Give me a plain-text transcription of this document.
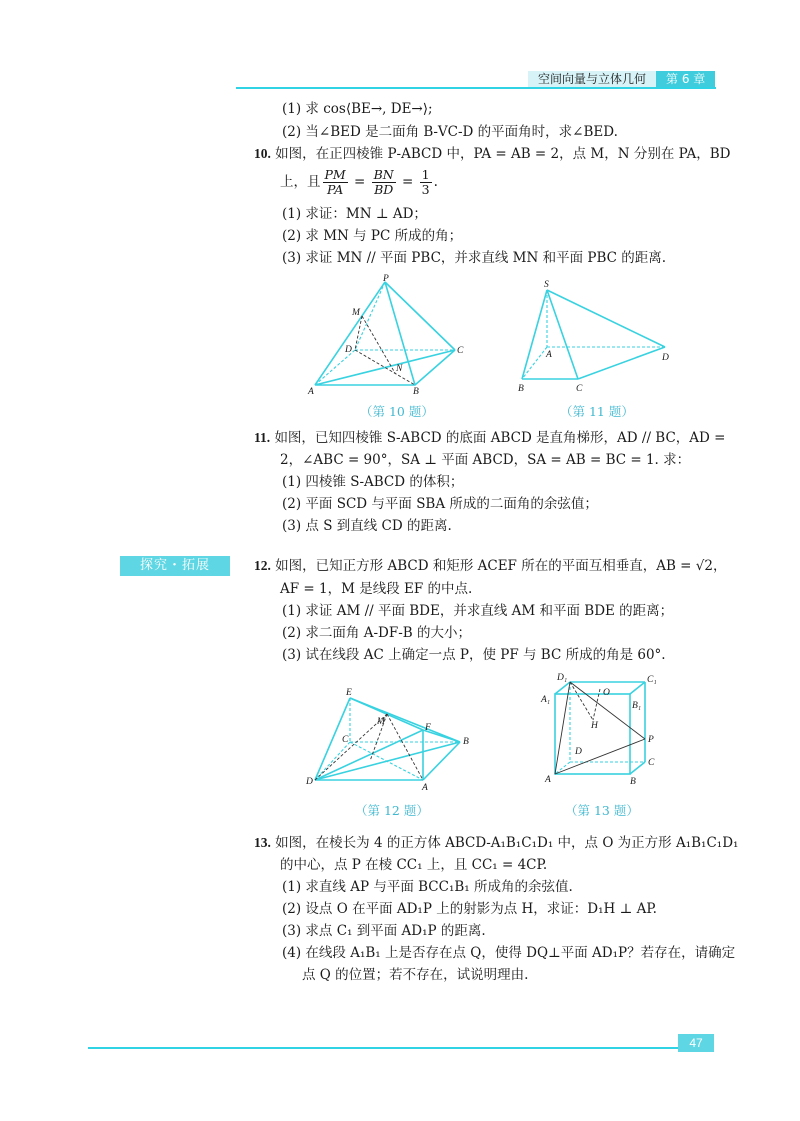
空间向量与立体几何	第 6 章
(1) 求 cos⟨BE→, DE→⟩;
(2) 当∠BED 是二面角 B‑VC‑D 的平面角时，求∠BED.
10. 如图，在正四棱锥 P‑ABCD 中，PA = AB = 2，点 M，N 分别在 PA，BD
上，且 $\frac{PM}{PA} = \frac{BN}{BD} = \frac{1}{3}$ .
(1) 求证：MN ⊥ AD；
(2) 求 MN 与 PC 所成的角；
(3) 求证 MN // 平面 PBC，并求直线 MN 和平面 PBC 的距离.
P
M
D	C
N
A	B
（第 10 题）
S
A	D
B	C
（第 11 题）
11. 如图，已知四棱锥 S‑ABCD 的底面 ABCD 是直角梯形，AD // BC，AD =
2，∠ABC = 90°，SA ⊥ 平面 ABCD，SA = AB = BC = 1. 求：
(1) 四棱锥 S‑ABCD 的体积；
(2) 平面 SCD 与平面 SBA 所成的二面角的余弦值；
(3) 点 S 到直线 CD 的距离.
探究・拓展	12. 如图，已知正方形 ABCD 和矩形 ACEF 所在的平面互相垂直，AB = √2，
AF = 1，M 是线段 EF 的中点.
(1) 求证 AM // 平面 BDE，并求直线 AM 和平面 BDE 的距离；
(2) 求二面角 A‑DF‑B 的大小；
(3) 试在线段 AC 上确定一点 P，使 PF 与 BC 所成的角是 60°.
E
M
F
C	B
D
A
（第 12 题）
D₁
O
C₁
A₁
H
B₁
D
P
C
A	B
（第 13 题）
13. 如图，在棱长为 4 的正方体 ABCD‑A₁B₁C₁D₁ 中，点 O 为正方形 A₁B₁C₁D₁
的中心，点 P 在棱 CC₁ 上，且 CC₁ = 4CP.
(1) 求直线 AP 与平面 BCC₁B₁ 所成角的余弦值.
(2) 设点 O 在平面 AD₁P 上的射影为点 H，求证：D₁H ⊥ AP.
(3) 求点 C₁ 到平面 AD₁P 的距离.
(4) 在线段 A₁B₁ 上是否存在点 Q，使得 DQ⊥平面 AD₁P？若存在，请确定
点 Q 的位置；若不存在，试说明理由.
47
